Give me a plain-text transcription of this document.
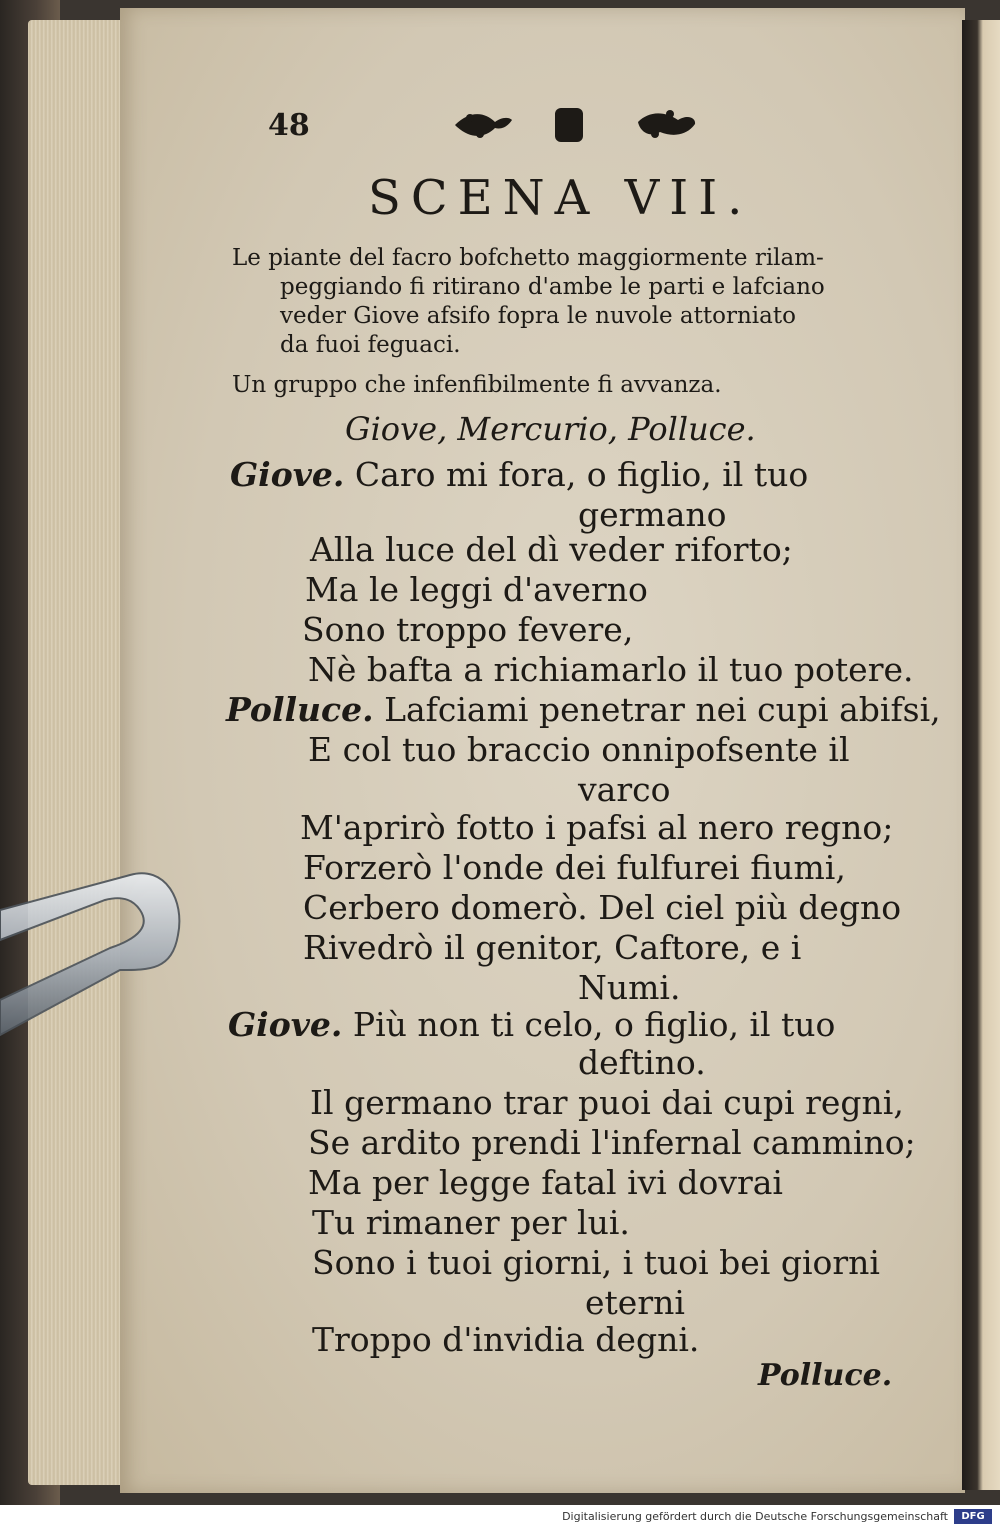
48
SCENA VII.
Le piante del facro bofchetto maggiormente rilam-
peggiando fi ritirano d'ambe le parti e lafciano
veder Giove afsifo fopra le nuvole attorniato
da fuoi feguaci.
Un gruppo che infenfibilmente fi avvanza.
Giove, Mercurio, Polluce.
Giove. Caro mi fora, o figlio, il tuo
germano
Alla luce del dì veder riforto;
Ma le leggi d'averno
Sono troppo fevere,
Nè bafta a richiamarlo il tuo potere.
Polluce. Lafciami penetrar nei cupi abifsi,
E col tuo braccio onnipofsente il
varco
M'aprirò fotto i pafsi al nero regno;
Forzerò l'onde dei fulfurei fiumi,
Cerbero domerò. Del ciel più degno
Rivedrò il genitor, Caftore, e i
Numi.
Giove. Più non ti celo, o figlio, il tuo
deftino.
Il germano trar puoi dai cupi regni,
Se ardito prendi l'infernal cammino;
Ma per legge fatal ivi dovrai
Tu rimaner per lui.
Sono i tuoi giorni, i tuoi bei giorni
eterni
Troppo d'invidia degni.
Polluce.
Digitalisierung gefördert durch die Deutsche Forschungsgemeinschaft	DFG
